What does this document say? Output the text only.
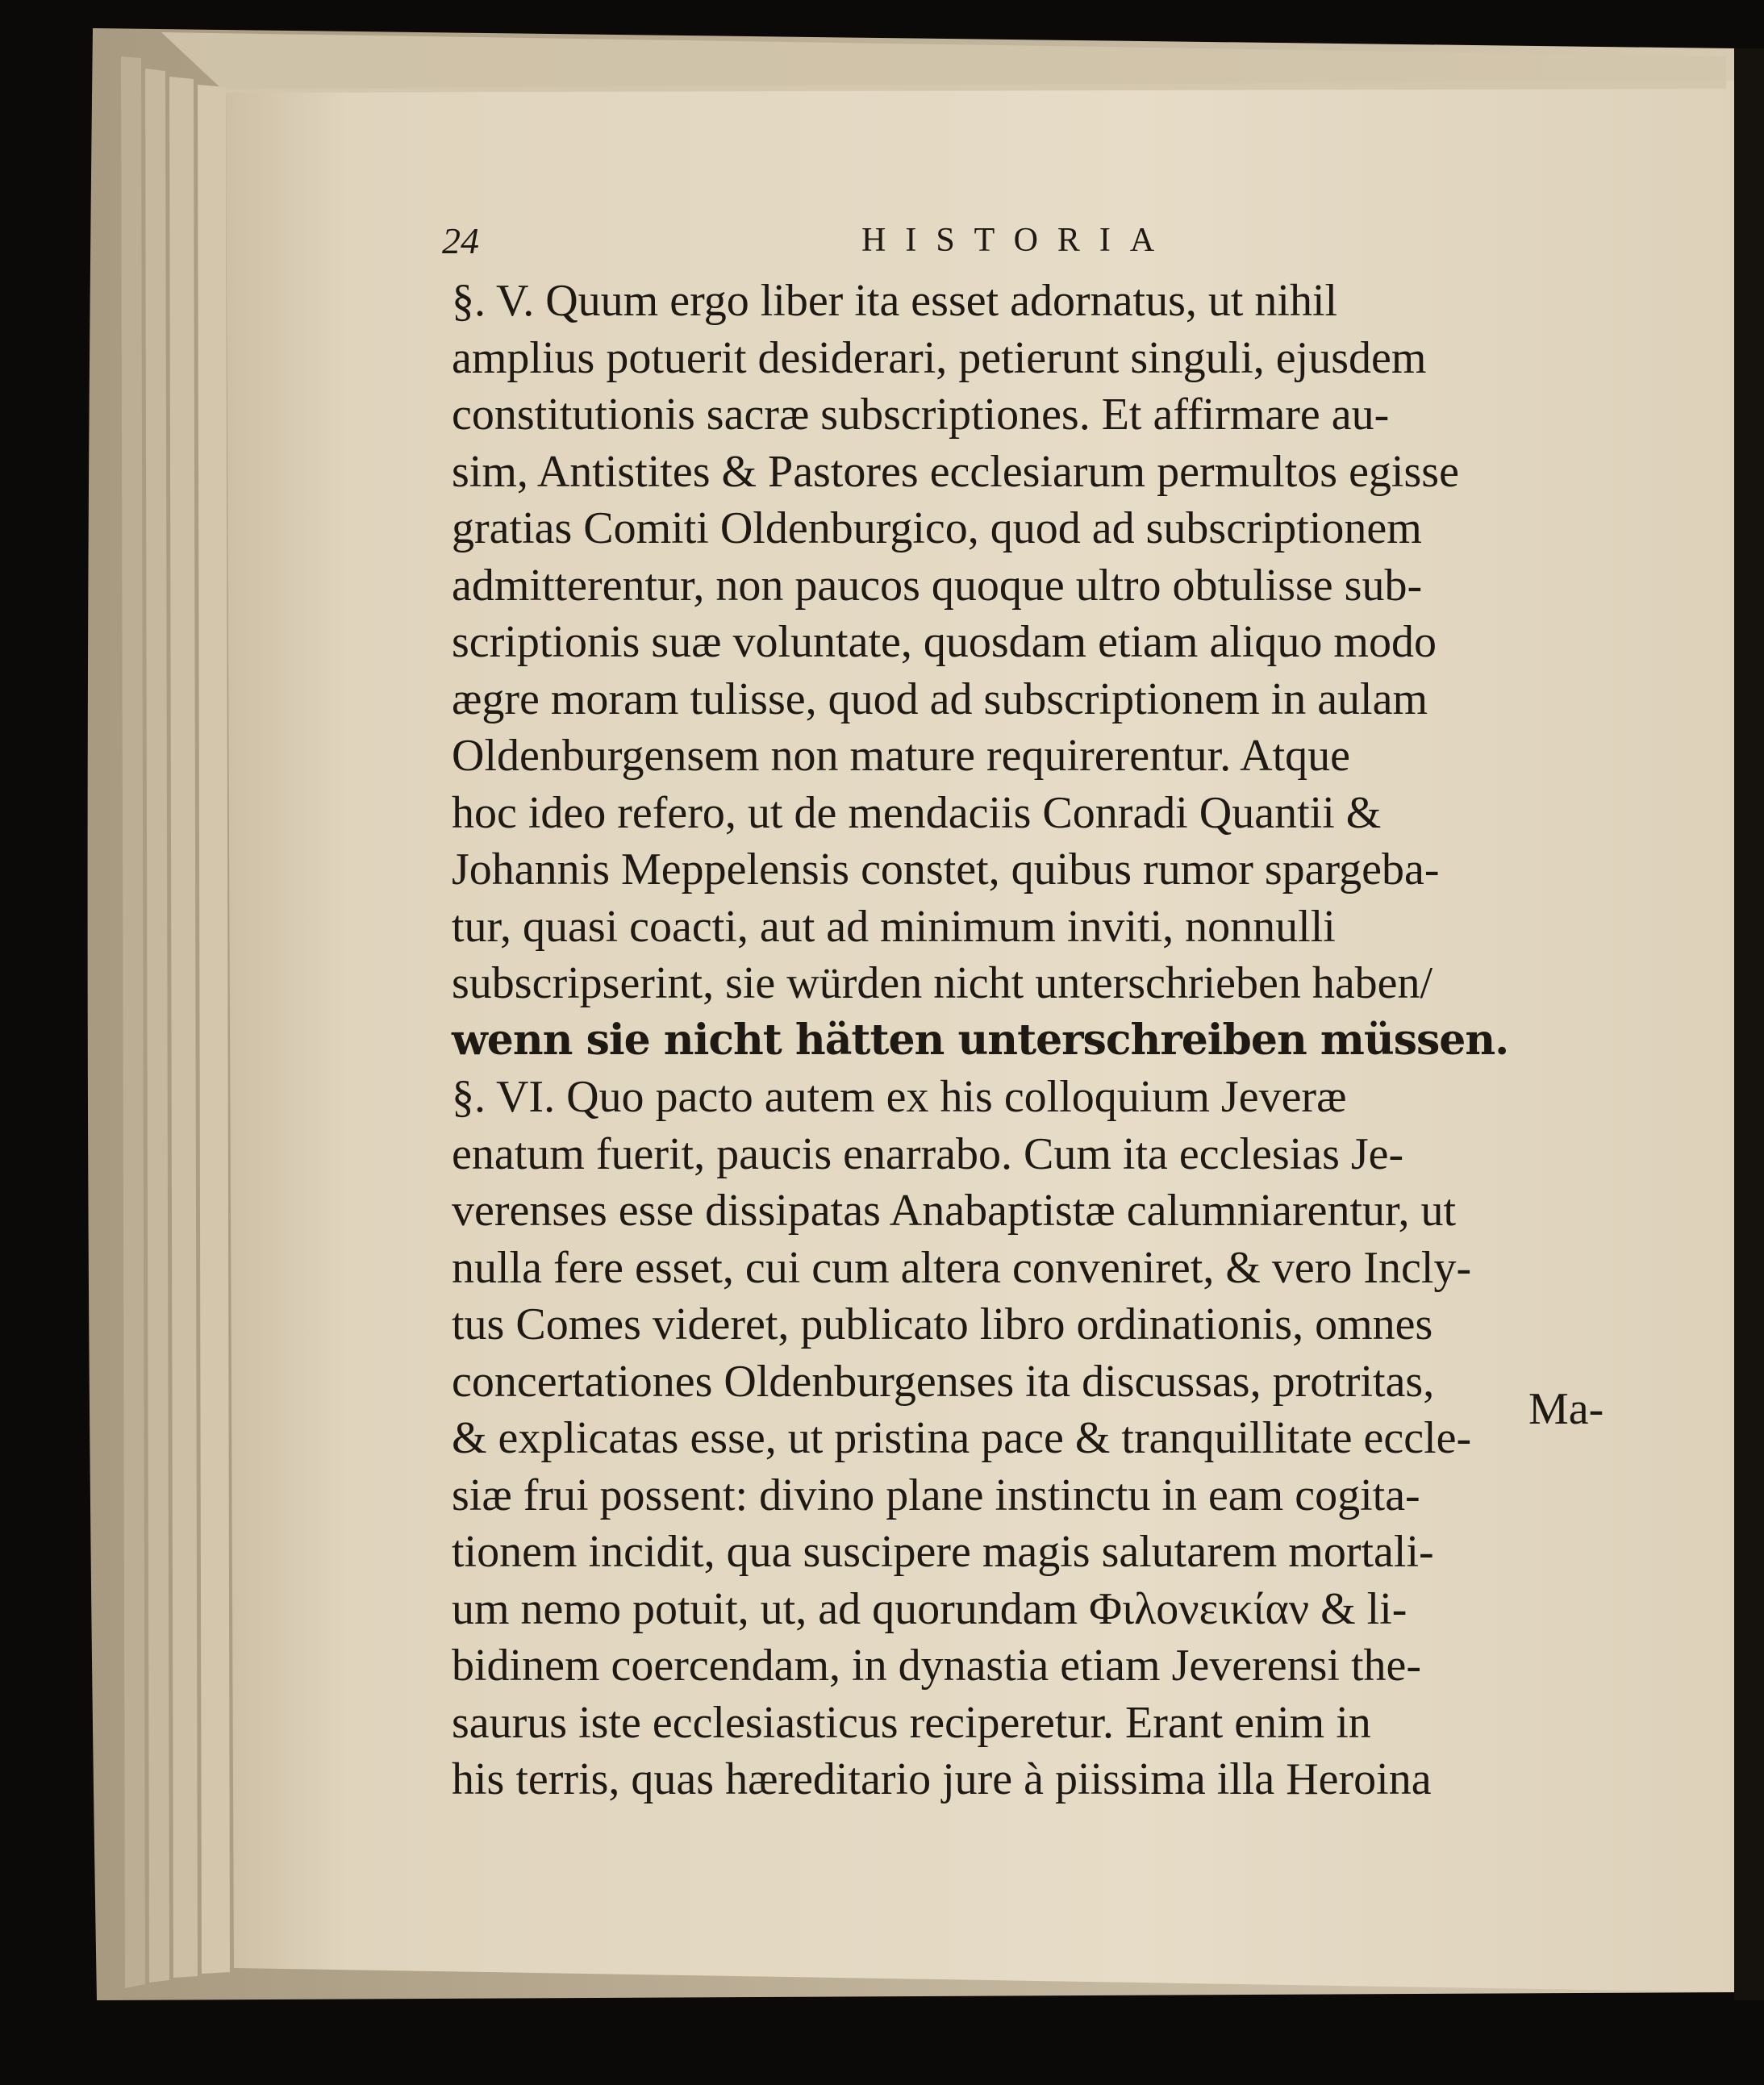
24	HISTORIA
§. V. Quum ergo liber ita esset adornatus, ut nihil
amplius potuerit desiderari, petierunt singuli, ejusdem
constitutionis sacræ subscriptiones. Et affirmare au-
sim, Antistites & Pastores ecclesiarum permultos egisse
gratias Comiti Oldenburgico, quod ad subscriptionem
admitterentur, non paucos quoque ultro obtulisse sub-
scriptionis suæ voluntate, quosdam etiam aliquo modo
ægre moram tulisse, quod ad subscriptionem in aulam
Oldenburgensem non mature requirerentur. Atque
hoc ideo refero, ut de mendaciis Conradi Quantii &
Johannis Meppelensis constet, quibus rumor spargeba-
tur, quasi coacti, aut ad minimum inviti, nonnulli
subscripserint, sie würden nicht unterschrieben haben/
wenn sie nicht hätten unterschreiben müssen.
§. VI. Quo pacto autem ex his colloquium Jeveræ
enatum fuerit, paucis enarrabo. Cum ita ecclesias Je-
verenses esse dissipatas Anabaptistæ calumniarentur, ut
nulla fere esset, cui cum altera conveniret, & vero Incly-
tus Comes videret, publicato libro ordinationis, omnes
concertationes Oldenburgenses ita discussas, protritas,
& explicatas esse, ut pristina pace & tranquillitate eccle-
siæ frui possent: divino plane instinctu in eam cogita-
tionem incidit, qua suscipere magis salutarem mortali-
um nemo potuit, ut, ad quorundam Φιλονεικίαν & li-
bidinem coercendam, in dynastia etiam Jeverensi the-
saurus iste ecclesiasticus reciperetur. Erant enim in
his terris, quas hæreditario jure à piissima illa Heroina
Ma-
